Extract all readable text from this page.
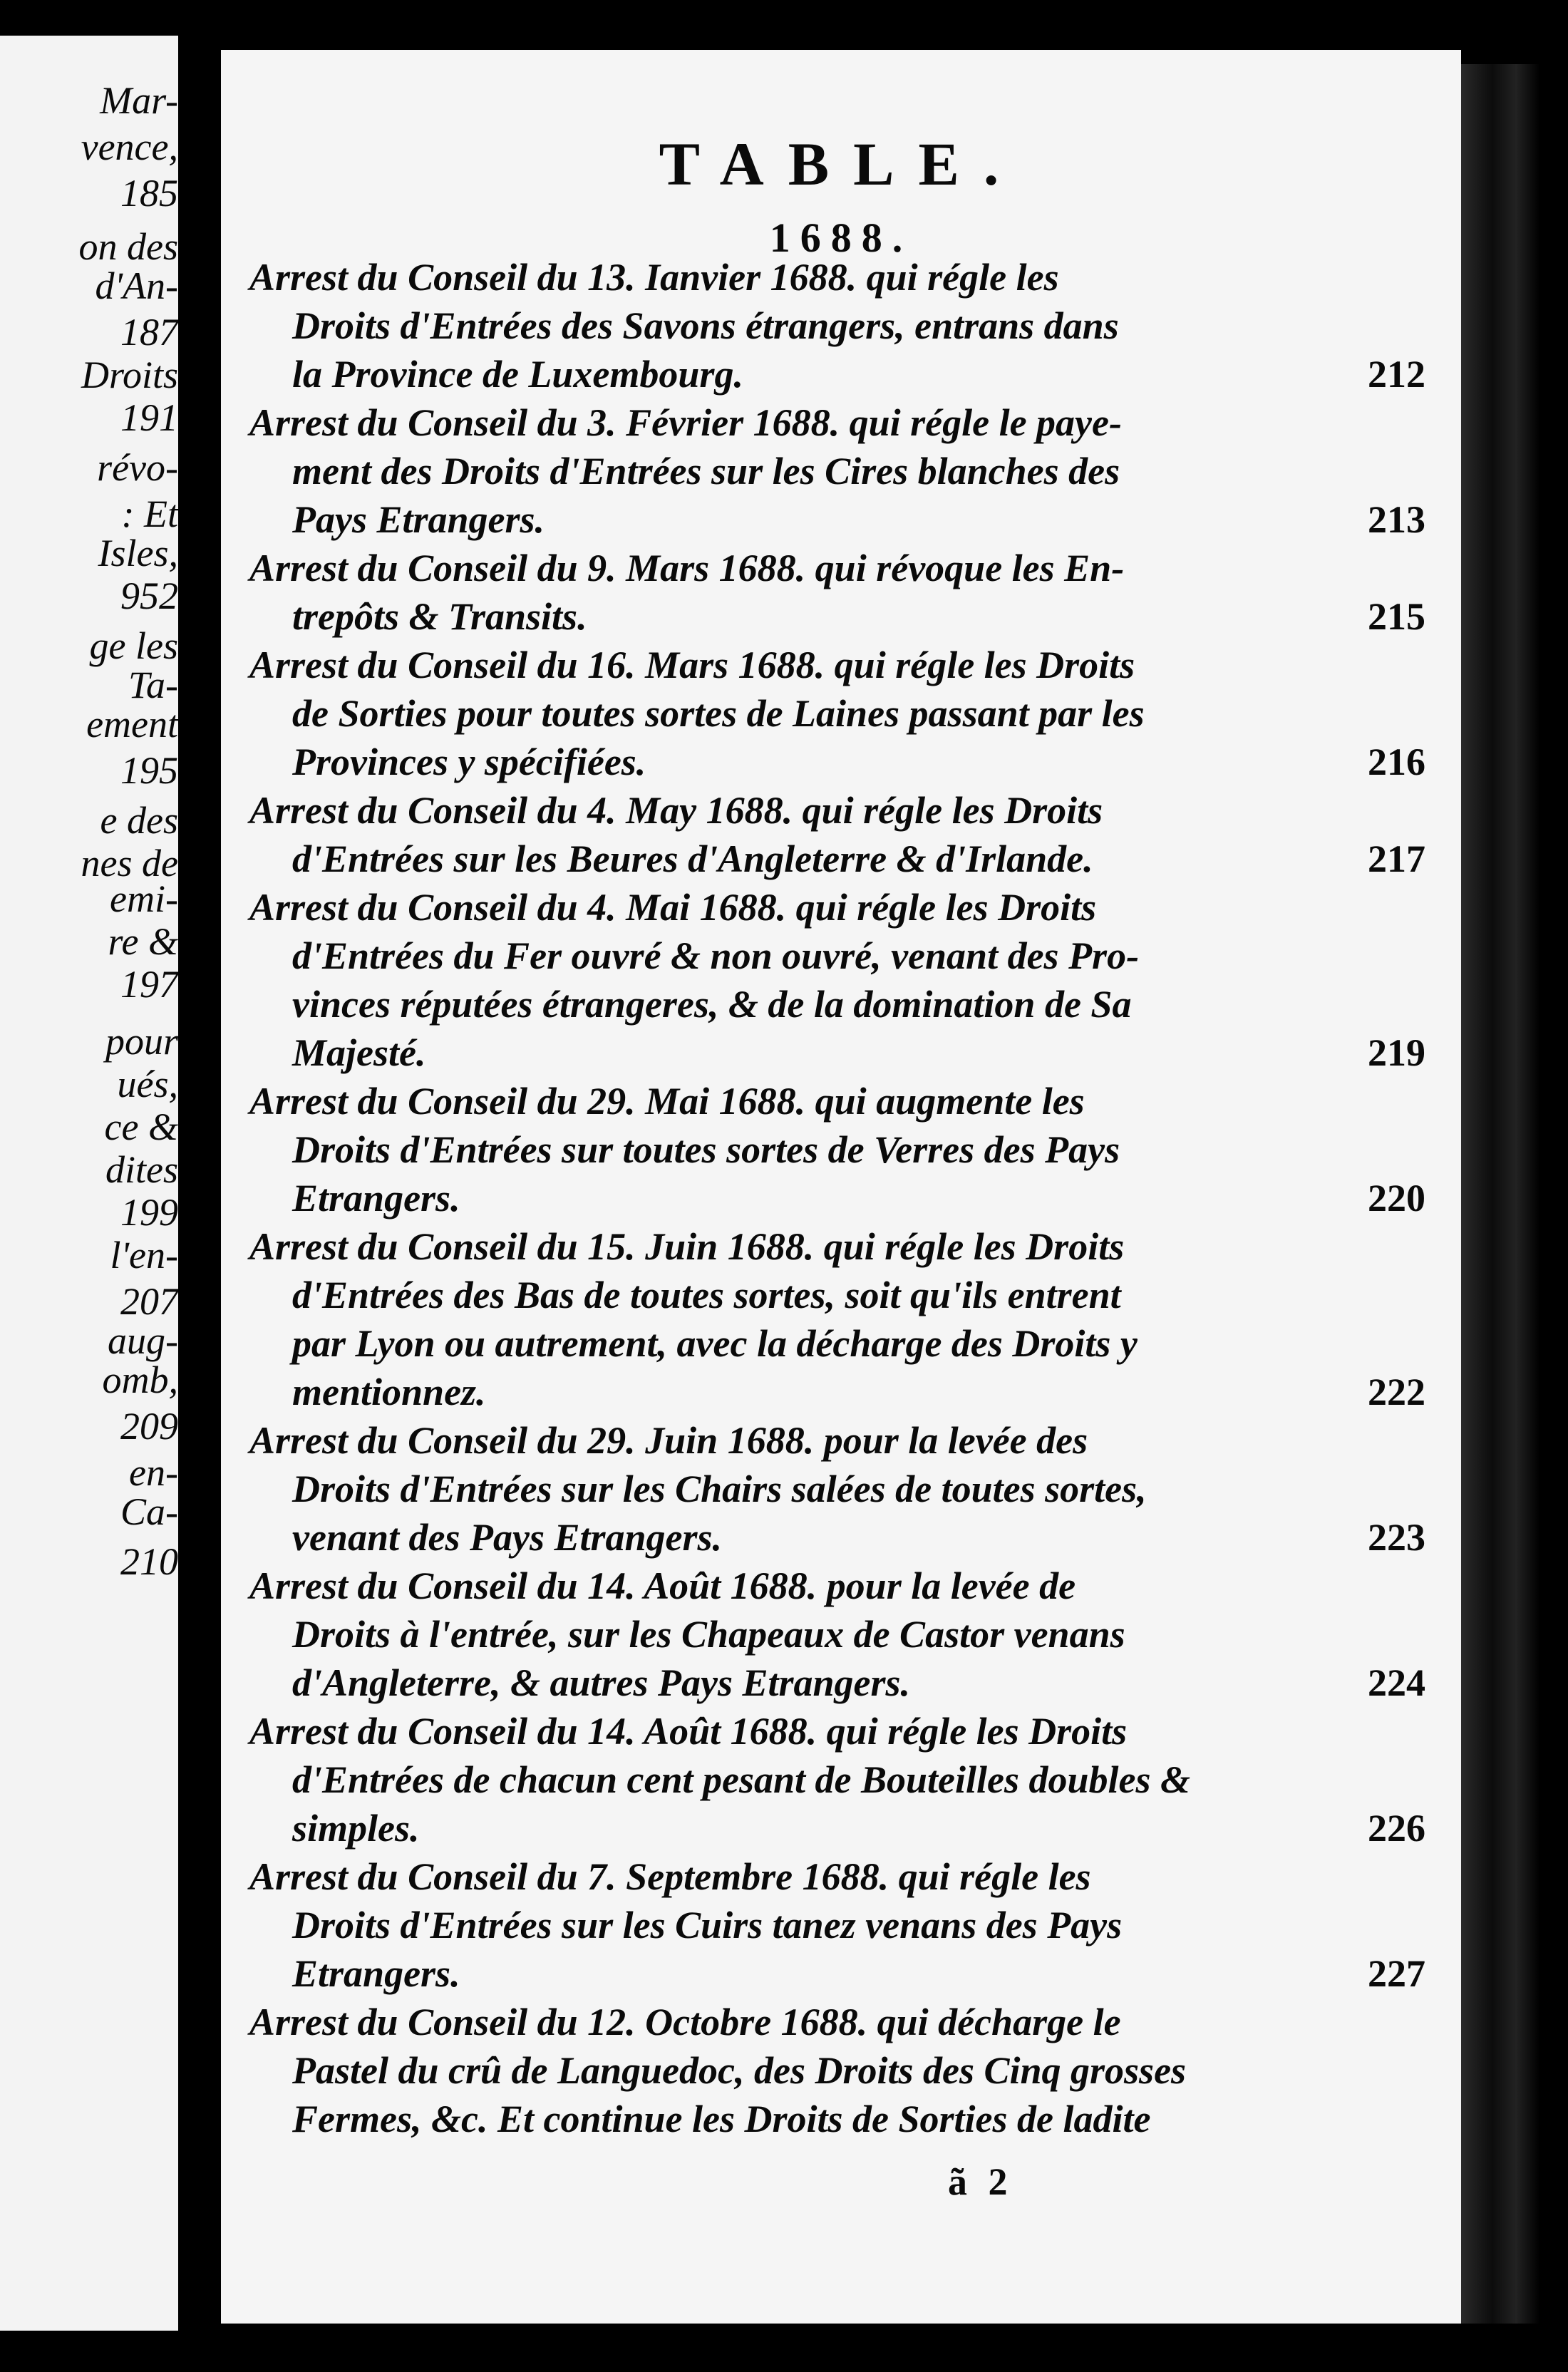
Mar-
vence,
185
on des
d'An-
187
Droits
191
révo-
: Et
Isles,
952
ge les
Ta-
ement
195
e des
nes de
emi-
re &
197
pour
ués,
ce &
dites
199
l'en-
207
aug-
omb,
209
en-
Ca-
210
TABLE.
1688.
Arrest du Conseil du 13. Ianvier 1688. qui régle les
Droits d'Entrées des Savons étrangers, entrans dans
la Province de Luxembourg.	212
Arrest du Conseil du 3. Février 1688. qui régle le paye-
ment des Droits d'Entrées sur les Cires blanches des
Pays Etrangers.	213
Arrest du Conseil du 9. Mars 1688. qui révoque les En-
trepôts & Transits.	215
Arrest du Conseil du 16. Mars 1688. qui régle les Droits
de Sorties pour toutes sortes de Laines passant par les
Provinces y spécifiées.	216
Arrest du Conseil du 4. May 1688. qui régle les Droits
d'Entrées sur les Beures d'Angleterre & d'Irlande.	217
Arrest du Conseil du 4. Mai 1688. qui régle les Droits
d'Entrées du Fer ouvré & non ouvré, venant des Pro-
vinces réputées étrangeres, & de la domination de Sa
Majesté.	219
Arrest du Conseil du 29. Mai 1688. qui augmente les
Droits d'Entrées sur toutes sortes de Verres des Pays
Etrangers.	220
Arrest du Conseil du 15. Juin 1688. qui régle les Droits
d'Entrées des Bas de toutes sortes, soit qu'ils entrent
par Lyon ou autrement, avec la décharge des Droits y
mentionnez.	222
Arrest du Conseil du 29. Juin 1688. pour la levée des
Droits d'Entrées sur les Chairs salées de toutes sortes,
venant des Pays Etrangers.	223
Arrest du Conseil du 14. Août 1688. pour la levée de
Droits à l'entrée, sur les Chapeaux de Castor venans
d'Angleterre, & autres Pays Etrangers.	224
Arrest du Conseil du 14. Août 1688. qui régle les Droits
d'Entrées de chacun cent pesant de Bouteilles doubles &
simples.	226
Arrest du Conseil du 7. Septembre 1688. qui régle les
Droits d'Entrées sur les Cuirs tanez venans des Pays
Etrangers.	227
Arrest du Conseil du 12. Octobre 1688. qui décharge le
Pastel du crû de Languedoc, des Droits des Cinq grosses
Fermes, &c. Et continue les Droits de Sorties de ladite
ã 2
